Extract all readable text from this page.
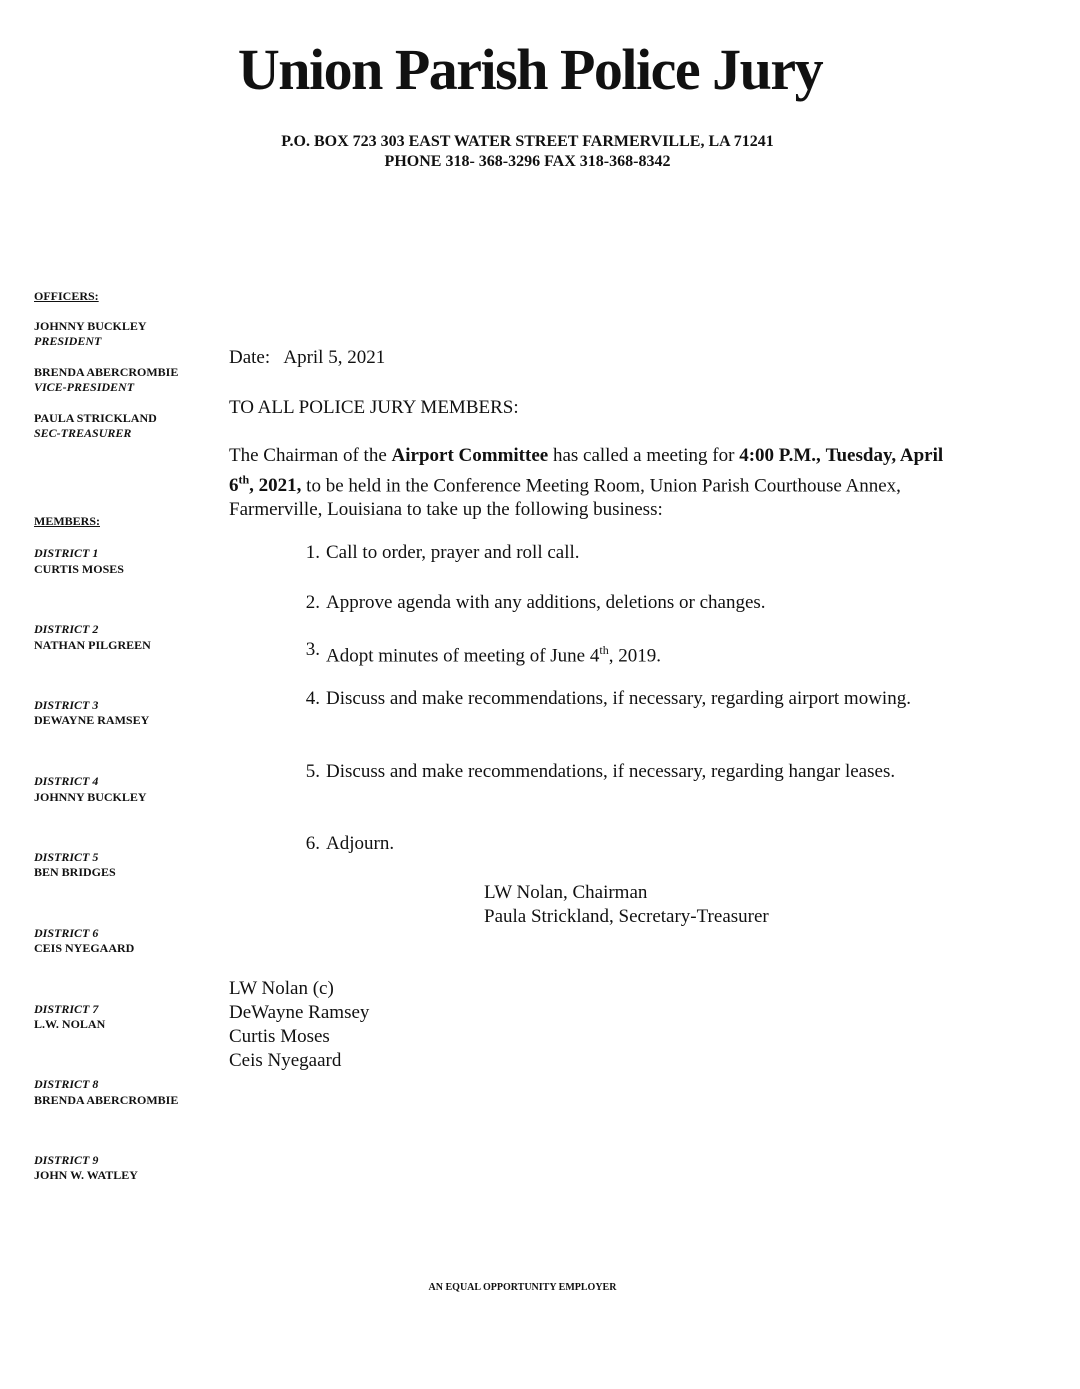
Union Parish Police Jury
P.O. BOX 723 303 EAST WATER STREET FARMERVILLE, LA 71241
PHONE 318- 368-3296 FAX 318-368-8342
OFFICERS:
JOHNNY BUCKLEY
PRESIDENT
BRENDA ABERCROMBIE
VICE-PRESIDENT
PAULA STRICKLAND
SEC-TREASURER
MEMBERS:
DISTRICT 1
CURTIS MOSES
DISTRICT 2
NATHAN PILGREEN
DISTRICT 3
DEWAYNE RAMSEY
DISTRICT 4
JOHNNY BUCKLEY
DISTRICT 5
BEN BRIDGES
DISTRICT 6
CEIS NYEGAARD
DISTRICT 7
L.W. NOLAN
DISTRICT 8
BRENDA ABERCROMBIE
DISTRICT 9
JOHN W. WATLEY
Date: April 5, 2021
TO ALL POLICE JURY MEMBERS:
The Chairman of the Airport Committee has called a meeting for 4:00 P.M., Tuesday, April 6th, 2021, to be held in the Conference Meeting Room, Union Parish Courthouse Annex, Farmerville, Louisiana to take up the following business:
1. Call to order, prayer and roll call.
2. Approve agenda with any additions, deletions or changes.
3. Adopt minutes of meeting of June 4th, 2019.
4. Discuss and make recommendations, if necessary, regarding airport mowing.
5. Discuss and make recommendations, if necessary, regarding hangar leases.
6. Adjourn.
LW Nolan, Chairman
Paula Strickland, Secretary-Treasurer
LW Nolan (c)
DeWayne Ramsey
Curtis Moses
Ceis Nyegaard
AN EQUAL OPPORTUNITY EMPLOYER
